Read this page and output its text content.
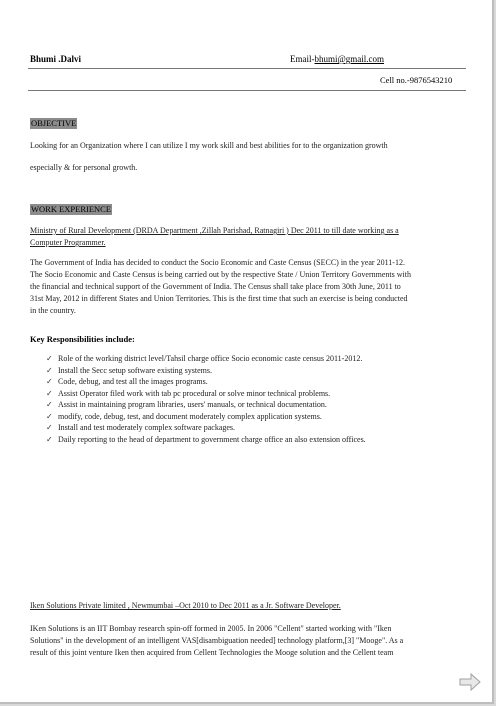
Bhumi .Dalvi	Email-bhumi@gmail.com
Cell no.-9876543210
OBJECTIVE
Looking for an Organization where I can utilize I my work skill and best abilities for to the organization growth
especially & for personal growth.
WORK EXPERIENCE
Ministry of Rural Development (DRDA Department ,Zillah Parishad, Ratnagiri ) Dec 2011 to till date working as a
Computer Programmer.
The Government of India has decided to conduct the Socio Economic and Caste Census (SECC) in the year 2011-12.
The Socio Economic and Caste Census is being carried out by the respective State / Union Territory Governments with
the financial and technical support of the Government of India. The Census shall take place from 30th June, 2011 to
31st May, 2012 in different States and Union Territories. This is the first time that such an exercise is being conducted
in the country.
Key Responsibilities include:
✓ Role of the working district level/Tahsil charge office Socio economic caste census 2011-2012.
✓ Install the Secc setup software existing systems.
✓ Code, debug, and test all the images programs.
✓ Assist Operator filed work with tab pc procedural or solve minor technical problems.
✓ Assist in maintaining program libraries, users' manuals, or technical documentation.
✓ modify, code, debug, test, and document moderately complex application systems.
✓ Install and test moderately complex software packages.
✓ Daily reporting to the head of department to government charge office an also extension offices.
Iken Solutions Private limited , Newmumbai –Oct 2010 to Dec 2011 as a Jr. Software Developer.
IKen Solutions is an IIT Bombay research spin-off formed in 2005. In 2006 "Cellent" started working with "Iken
Solutions" in the development of an intelligent VAS[disambiguation needed] technology platform,[3] "Mooge". As a
result of this joint venture Iken then acquired from Cellent Technologies the Mooge solution and the Cellent team
